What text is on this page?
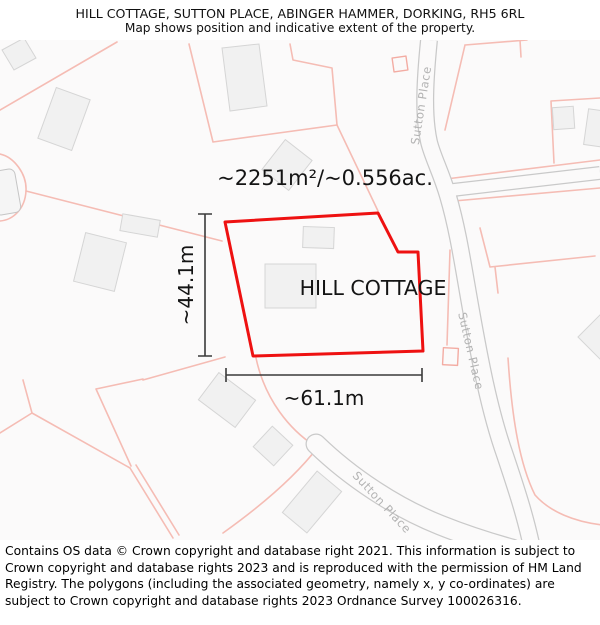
HILL COTTAGE, SUTTON PLACE, ABINGER HAMMER, DORKING, RH5 6RL
Map shows position and indicative extent of the property.
Sutton Place
Sutton Place
Sutton Place
~2251m²/~0.556ac.
HILL COTTAGE
~44.1m
~61.1m
Contains OS data © Crown copyright and database right 2021. This information is subject to Crown copyright and database rights 2023 and is reproduced with the permission of HM Land Registry. The polygons (including the associated geometry, namely x, y co-ordinates) are subject to Crown copyright and database rights 2023 Ordnance Survey 100026316.
